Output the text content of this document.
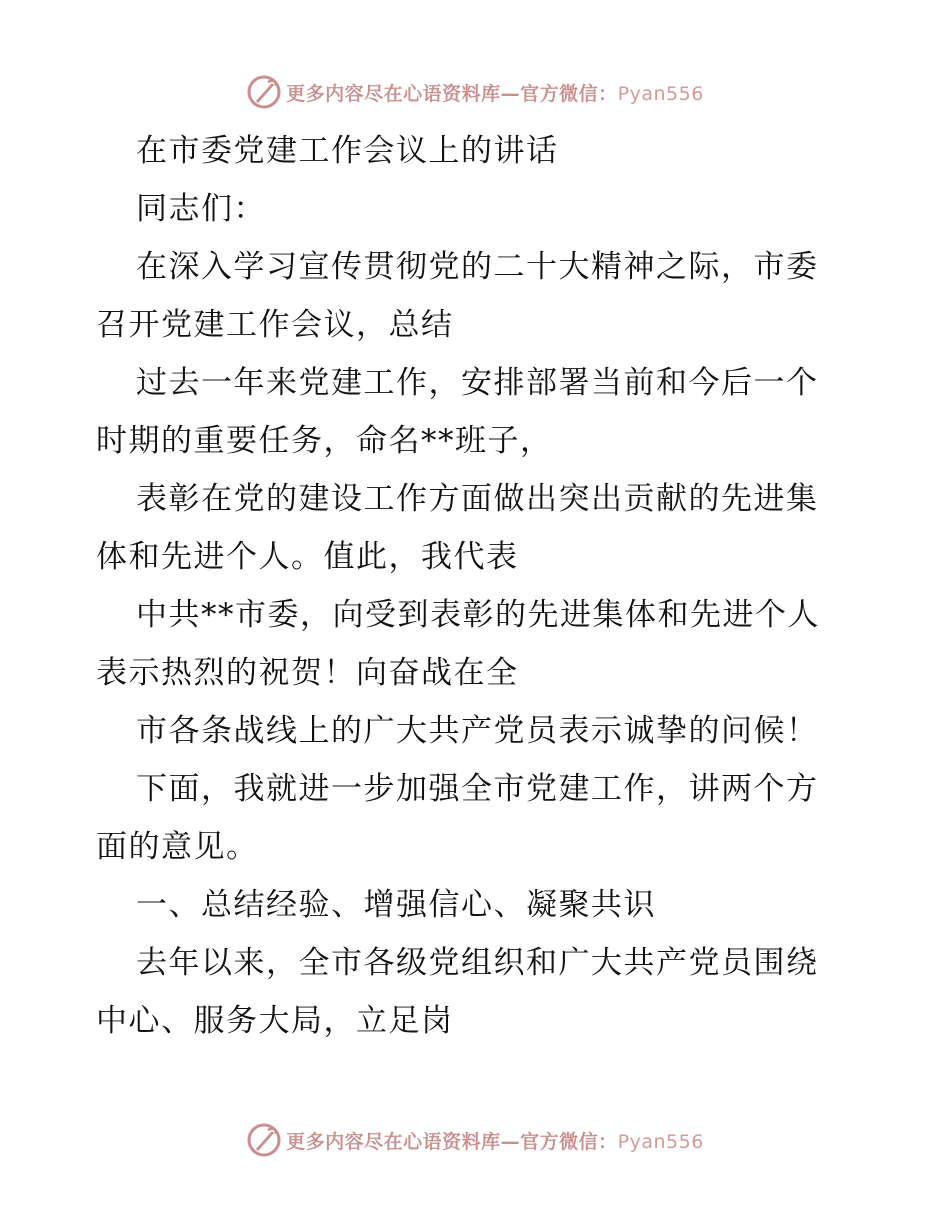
更多内容尽在心语资料库—官方微信：Pyan556
在市委党建工作会议上的讲话
同志们：
在深入学习宣传贯彻党的二十大精神之际，市委
召开党建工作会议，总结
过去一年来党建工作，安排部署当前和今后一个
时期的重要任务，命名**班子，
表彰在党的建设工作方面做出突出贡献的先进集
体和先进个人。值此，我代表
中共**市委，向受到表彰的先进集体和先进个人
表示热烈的祝贺！向奋战在全
市各条战线上的广大共产党员表示诚挚的问候！
下面，我就进一步加强全市党建工作，讲两个方
面的意见。
一、总结经验、增强信心、凝聚共识
去年以来，全市各级党组织和广大共产党员围绕
中心、服务大局，立足岗
更多内容尽在心语资料库—官方微信：Pyan556
